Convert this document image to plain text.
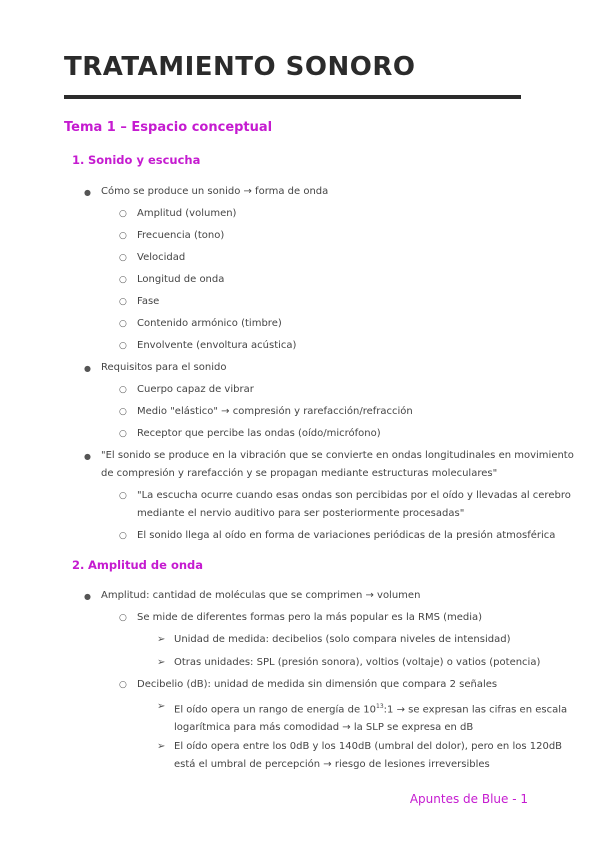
TRATAMIENTO SONORO
Tema 1 – Espacio conceptual
1. Sonido y escucha
● Cómo se produce un sonido → forma de onda
○ Amplitud (volumen)
○ Frecuencia (tono)
○ Velocidad
○ Longitud de onda
○ Fase
○ Contenido armónico (timbre)
○ Envolvente (envoltura acústica)
● Requisitos para el sonido
○ Cuerpo capaz de vibrar
○ Medio "elástico" → compresión y rarefacción/refracción
○ Receptor que percibe las ondas (oído/micrófono)
● "El sonido se produce en la vibración que se convierte en ondas longitudinales en movimiento
de compresión y rarefacción y se propagan mediante estructuras moleculares"
○ "La escucha ocurre cuando esas ondas son percibidas por el oído y llevadas al cerebro
mediante el nervio auditivo para ser posteriormente procesadas"
○ El sonido llega al oído en forma de variaciones periódicas de la presión atmosférica
2. Amplitud de onda
● Amplitud: cantidad de moléculas que se comprimen → volumen
○ Se mide de diferentes formas pero la más popular es la RMS (media)
➢ Unidad de medida: decibelios (solo compara niveles de intensidad)
➢ Otras unidades: SPL (presión sonora), voltios (voltaje) o vatios (potencia)
○ Decibelio (dB): unidad de medida sin dimensión que compara 2 señales
➢ El oído opera un rango de energía de $10^{13}:1$ → se expresan las cifras en escala
logarítmica para más comodidad → la SLP se expresa en dB
➢ El oído opera entre los 0dB y los 140dB (umbral del dolor), pero en los 120dB
está el umbral de percepción → riesgo de lesiones irreversibles
Apuntes de Blue - 1
